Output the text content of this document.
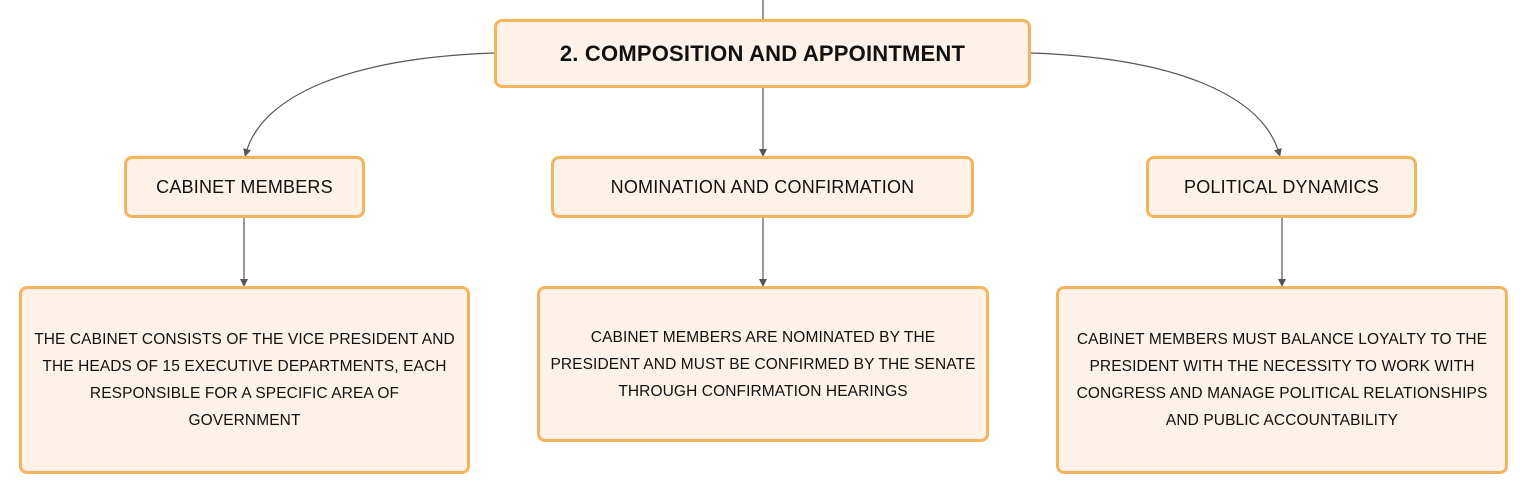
2. COMPOSITION AND APPOINTMENT
CABINET MEMBERS	NOMINATION AND CONFIRMATION	POLITICAL DYNAMICS
THE CABINET CONSISTS OF THE VICE PRESIDENT AND THE HEADS OF 15 EXECUTIVE DEPARTMENTS, EACH RESPONSIBLE FOR A SPECIFIC AREA OF GOVERNMENT
CABINET MEMBERS ARE NOMINATED BY THE PRESIDENT AND MUST BE CONFIRMED BY THE SENATE THROUGH CONFIRMATION HEARINGS
CABINET MEMBERS MUST BALANCE LOYALTY TO THE PRESIDENT WITH THE NECESSITY TO WORK WITH CONGRESS AND MANAGE POLITICAL RELATIONSHIPS AND PUBLIC ACCOUNTABILITY
